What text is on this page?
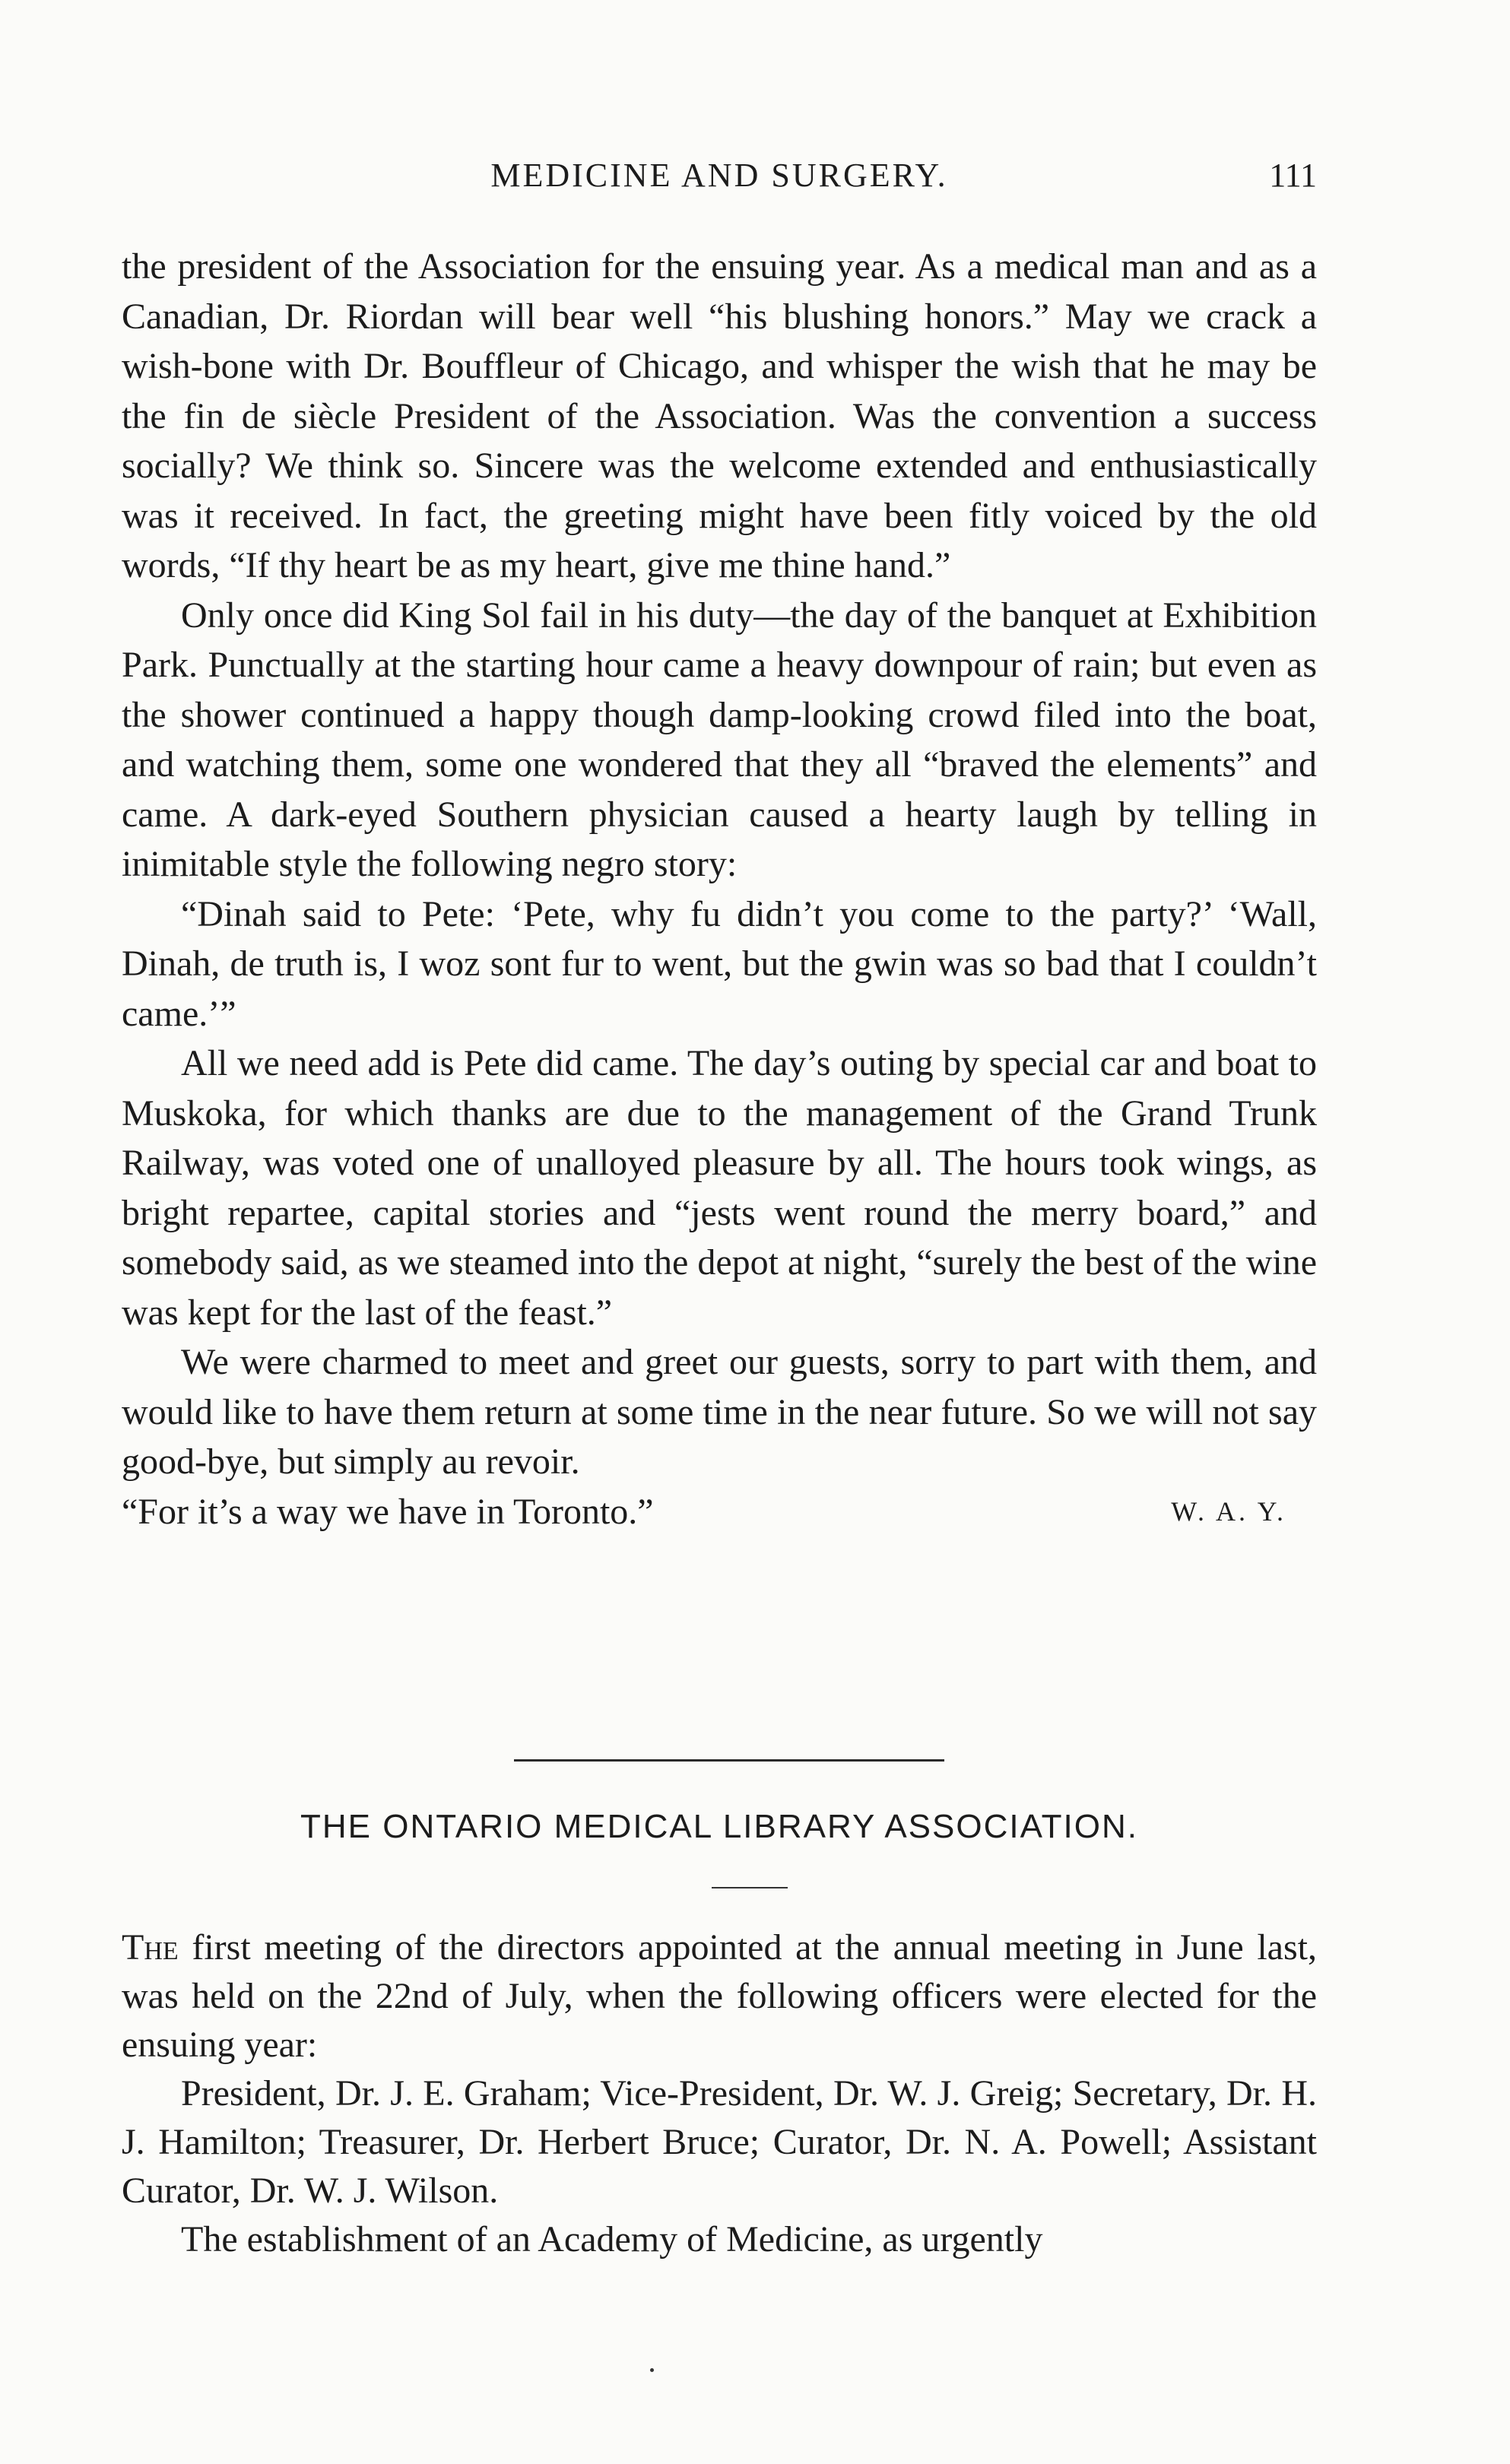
MEDICINE AND SURGERY.	111

the president of the Association for the ensuing year. As a medical man and as a Canadian, Dr. Riordan will bear well “his blushing honors.” May we crack a wish-bone with Dr. Bouffleur of Chicago, and whisper the wish that he may be the fin de siècle President of the Association. Was the convention a success socially? We think so. Sincere was the welcome extended and enthusiastically was it received. In fact, the greeting might have been fitly voiced by the old words, “If thy heart be as my heart, give me thine hand.”

Only once did King Sol fail in his duty—the day of the banquet at Exhibition Park. Punctually at the starting hour came a heavy downpour of rain; but even as the shower continued a happy though damp-looking crowd filed into the boat, and watching them, some one wondered that they all “braved the elements” and came. A dark-eyed Southern physician caused a hearty laugh by telling in inimitable style the following negro story:

“Dinah said to Pete: ‘Pete, why fu didn’t you come to the party?’ ‘Wall, Dinah, de truth is, I woz sont fur to went, but the gwin was so bad that I couldn’t came.’”

All we need add is Pete did came. The day’s outing by special car and boat to Muskoka, for which thanks are due to the management of the Grand Trunk Railway, was voted one of unalloyed pleasure by all. The hours took wings, as bright repartee, capital stories and “jests went round the merry board,” and somebody said, as we steamed into the depot at night, “surely the best of the wine was kept for the last of the feast.”

We were charmed to meet and greet our guests, sorry to part with them, and would like to have them return at some time in the near future. So we will not say good-bye, but simply au revoir.

“For it’s a way we have in Toronto.”	W. A. Y.

THE ONTARIO MEDICAL LIBRARY ASSOCIATION.

The first meeting of the directors appointed at the annual meeting in June last, was held on the 22nd of July, when the following officers were elected for the ensuing year:

President, Dr. J. E. Graham; Vice-President, Dr. W. J. Greig; Secretary, Dr. H. J. Hamilton; Treasurer, Dr. Herbert Bruce; Curator, Dr. N. A. Powell; Assistant Curator, Dr. W. J. Wilson.

The establishment of an Academy of Medicine, as urgently
